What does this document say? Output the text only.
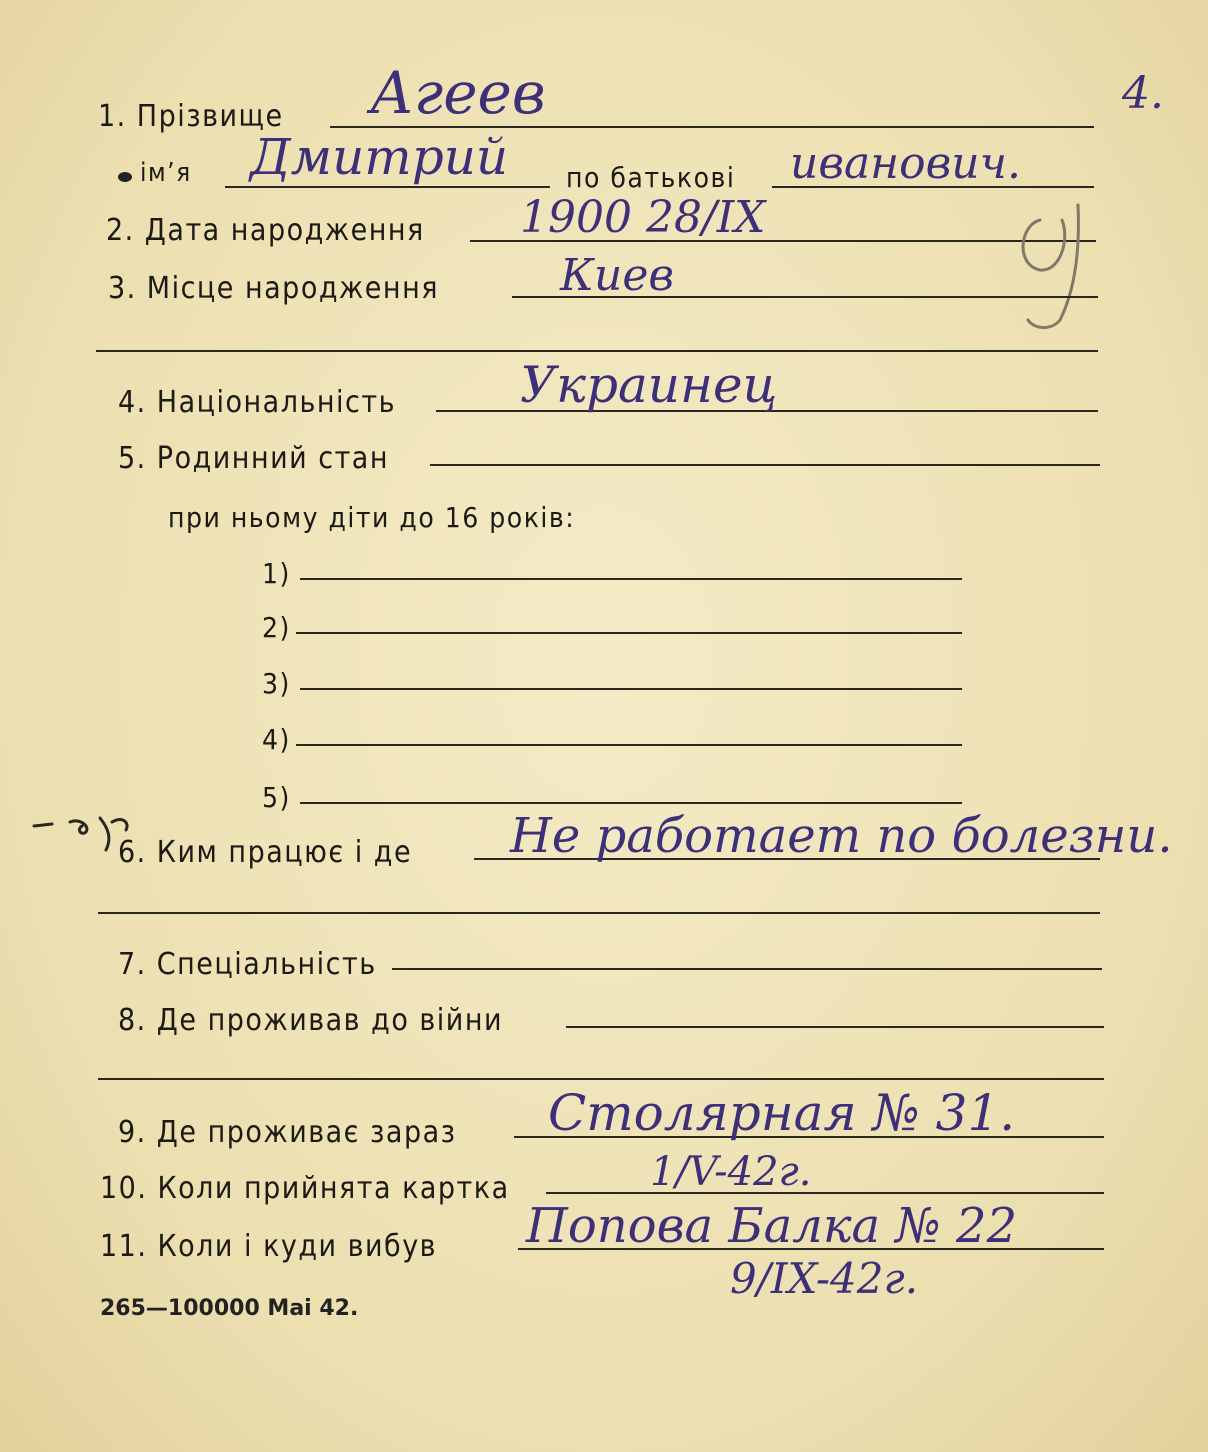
4.
1. Прізвище Агеев
ім’я Дмитрий по батькові иванович.
2. Дата народження 1900 28/IX
3. Місце народження	Киев
4. Національність Украинец
5. Родинний стан
при ньому діти до 16 років:
1)
2)
3)
4)
5)
6. Ким працює і де Не работает по болезни.
7. Спеціальність
8. Де проживав до війни
9. Де проживає зараз Столярная № 31.
10. Коли прийнята картка	1/V-42г.
11. Коли і куди вибув Попова Балка № 22
9/IX-42г.
265—100000 Mai 42.
